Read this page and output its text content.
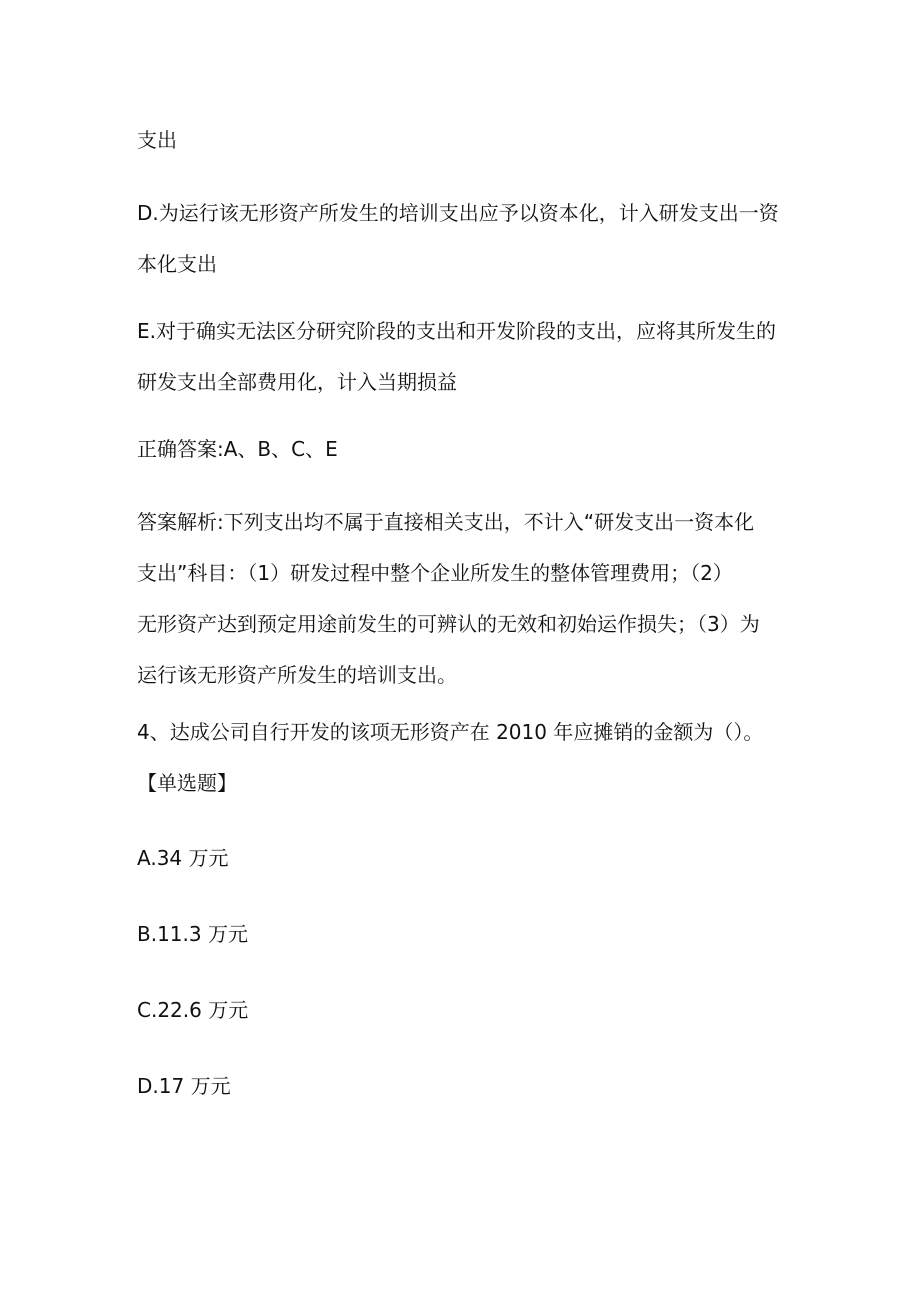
支出
D.为运行该无形资产所发生的培训支出应予以资本化，计入研发支出一资
本化支出
E.对于确实无法区分研究阶段的支出和开发阶段的支出，应将其所发生的
研发支出全部费用化，计入当期损益
正确答案:A、B、C、E
答案解析:下列支出均不属于直接相关支出，不计入“研发支出一资本化
支出”科目：（1）研发过程中整个企业所发生的整体管理费用；（2）
无形资产达到预定用途前发生的可辨认的无效和初始运作损失；（3）为
运行该无形资产所发生的培训支出。
4、达成公司自行开发的该项无形资产在 2010 年应摊销的金额为（）。
【单选题】
A.34 万元
B.11.3 万元
C.22.6 万元
D.17 万元
